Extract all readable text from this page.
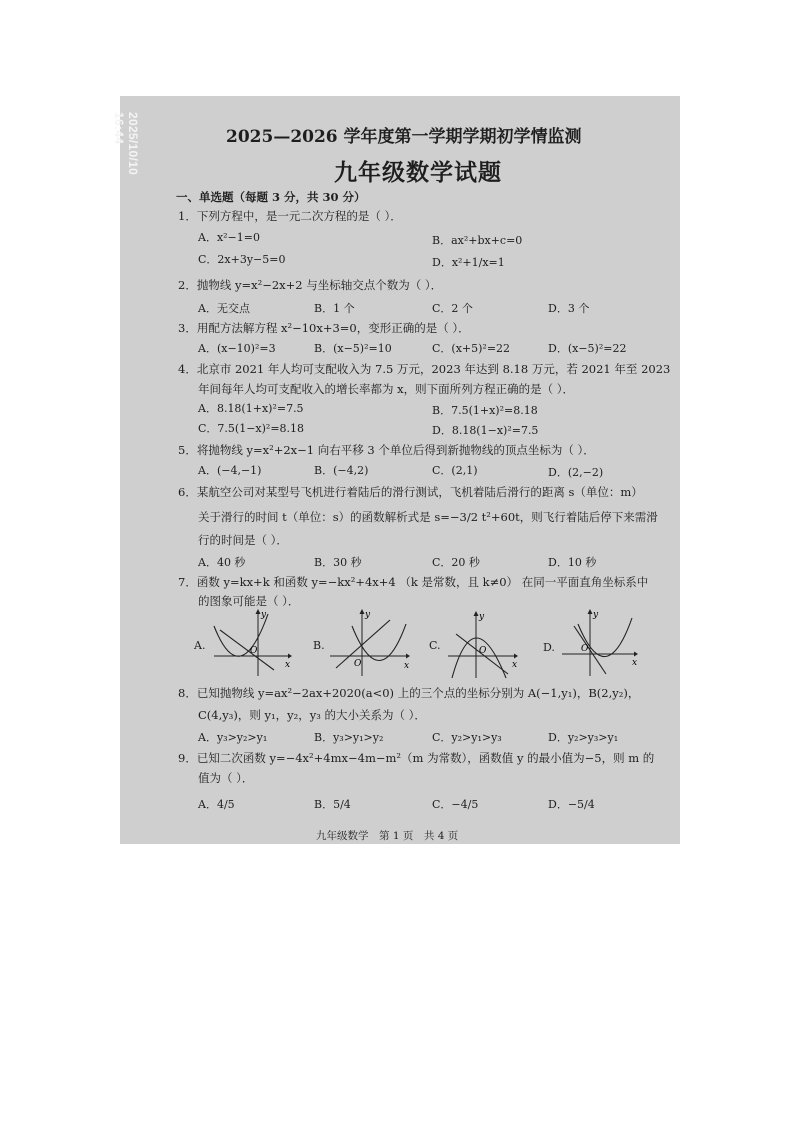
2025/10/10 16:44	2025—2026 学年度第一学期学期初学情监测
九年级数学试题
一、单选题（每题 3 分，共 30 分）
1．下列方程中，是一元二次方程的是（ ）．
A．x²−1=0	B．ax²+bx+c=0
C．2x+3y−5=0	D．x²+1/x=1
2．抛物线 y=x²−2x+2 与坐标轴交点个数为（ ）．
A．无交点	B．1 个	C．2 个	D．3 个
3．用配方法解方程 x²−10x+3=0，变形正确的是（ ）．
A．(x−10)²=3	B．(x−5)²=10	C．(x+5)²=22	D．(x−5)²=22
4．北京市 2021 年人均可支配收入为 7.5 万元，2023 年达到 8.18 万元，若 2021 年至 2023
年间每年人均可支配收入的增长率都为 x，则下面所列方程正确的是（ ）．
A．8.18(1+x)²=7.5	B．7.5(1+x)²=8.18
C．7.5(1−x)²=8.18	D．8.18(1−x)²=7.5
5．将抛物线 y=x²+2x−1 向右平移 3 个单位后得到新抛物线的顶点坐标为（ ）．
A．(−4,−1)	B．(−4,2)	C．(2,1)	D．(2,−2)
6．某航空公司对某型号飞机进行着陆后的滑行测试，飞机着陆后滑行的距离 s（单位：m）
关于滑行的时间 t（单位：s）的函数解析式是 s=−3/2 t²+60t，则飞行着陆后停下来需滑
行的时间是（ ）．
A．40 秒	B．30 秒	C．20 秒	D．10 秒
7．函数 y=kx+k 和函数 y=−kx²+4x+4 （k 是常数，且 k≠0） 在同一平面直角坐标系中
的图象可能是（ ）．
A.	B.	C.	D.
y
x
O
y
x
O
y
x
O
y
x
O
8．已知抛物线 y=ax²−2ax+2020(a<0) 上的三个点的坐标分别为 A(−1,y₁)，B(2,y₂)，
C(4,y₃)，则 y₁，y₂，y₃ 的大小关系为（ ）．
A．y₃>y₂>y₁	B．y₃>y₁>y₂	C．y₂>y₁>y₃	D．y₂>y₃>y₁
9．已知二次函数 y=−4x²+4mx−4m−m²（m 为常数），函数值 y 的最小值为−5，则 m 的
值为（ ）．
A．4/5	B．5/4	C．−4/5	D．−5/4
九年级数学　第 1 页　共 4 页
